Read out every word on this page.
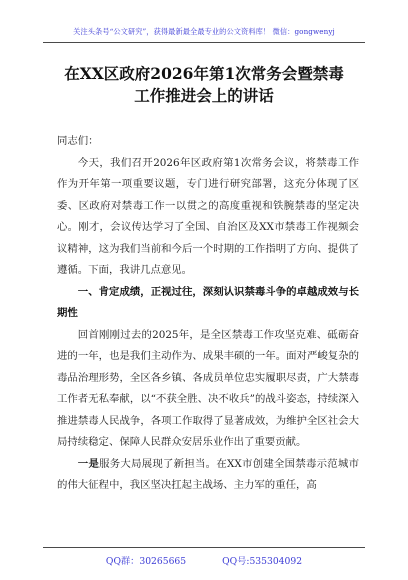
关注头条号“公文研究”，获得最新最全最专业的公文资料库！ 微信：gongwenyj
在XX区政府2026年第1次常务会暨禁毒
工作推进会上的讲话

同志们：

今天，我们召开2026年区政府第1次常务会议，将禁毒工作作为开年第一项重要议题，专门进行研究部署，这充分体现了区委、区政府对禁毒工作一以贯之的高度重视和铁腕禁毒的坚定决心。刚才，会议传达学习了全国、自治区及XX市禁毒工作视频会议精神，这为我们当前和今后一个时期的工作指明了方向、提供了遵循。下面，我讲几点意见。

一、肯定成绩，正视过往，深刻认识禁毒斗争的卓越成效与长期性

回首刚刚过去的2025年，是全区禁毒工作攻坚克难、砥砺奋进的一年，也是我们主动作为、成果丰硕的一年。面对严峻复杂的毒品治理形势，全区各乡镇、各成员单位忠实履职尽责，广大禁毒工作者无私奉献，以“不获全胜、决不收兵”的战斗姿态，持续深入推进禁毒人民战争，各项工作取得了显著成效，为维护全区社会大局持续稳定、保障人民群众安居乐业作出了重要贡献。

一是服务大局展现了新担当。在XX市创建全国禁毒示范城市的伟大征程中，我区坚决扛起主战场、主力军的重任，高

QQ群：30265665	QQ号:535304092
